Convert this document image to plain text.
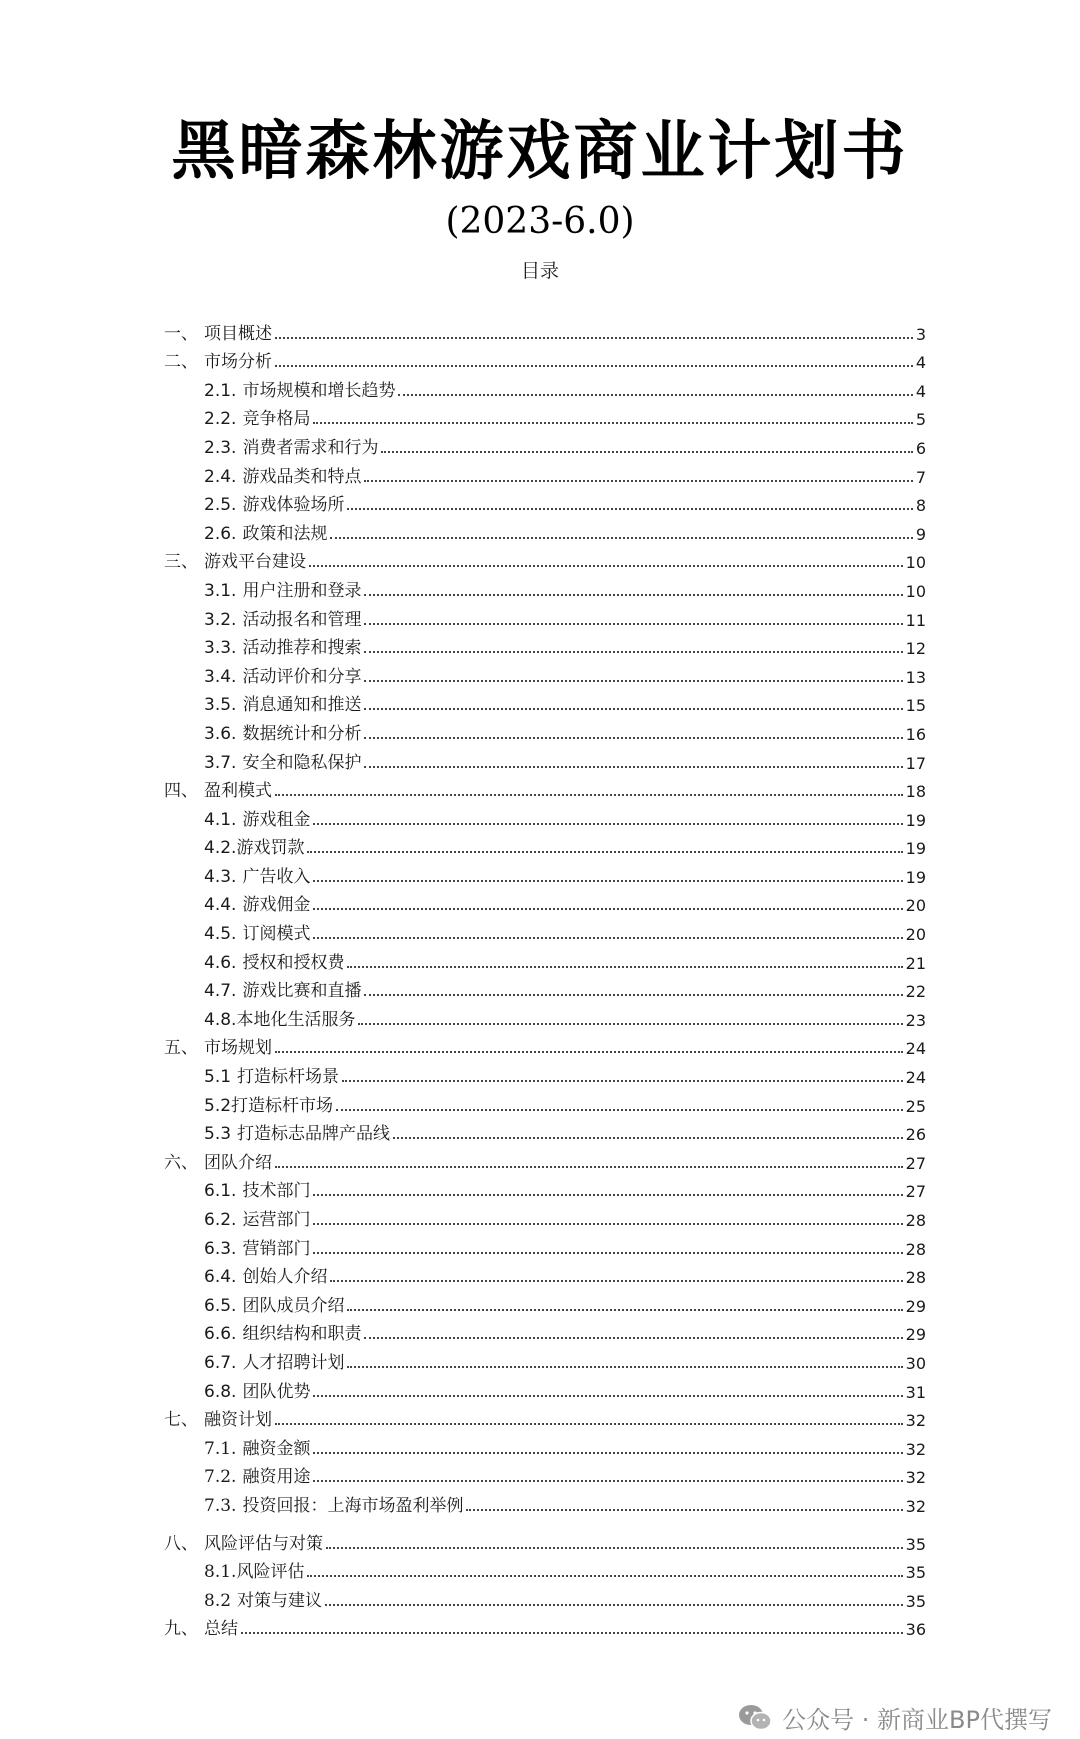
黑暗森林游戏商业计划书
(2023-6.0)
目录
一、 项目概述	3
二、 市场分析	4
2.1. 市场规模和增长趋势	4
2.2. 竞争格局	5
2.3. 消费者需求和行为	6
2.4. 游戏品类和特点	7
2.5. 游戏体验场所	8
2.6. 政策和法规	9
三、 游戏平台建设	10
3.1. 用户注册和登录	10
3.2. 活动报名和管理	11
3.3. 活动推荐和搜索	12
3.4. 活动评价和分享	13
3.5. 消息通知和推送	15
3.6. 数据统计和分析	16
3.7. 安全和隐私保护	17
四、 盈利模式	18
4.1. 游戏租金	19
4.2.游戏罚款	19
4.3. 广告收入	19
4.4. 游戏佣金	20
4.5. 订阅模式	20
4.6. 授权和授权费	21
4.7. 游戏比赛和直播	22
4.8.本地化生活服务	23
五、 市场规划	24
5.1 打造标杆场景	24
5.2打造标杆市场	25
5.3 打造标志品牌产品线	26
六、 团队介绍	27
6.1. 技术部门	27
6.2. 运营部门	28
6.3. 营销部门	28
6.4. 创始人介绍	28
6.5. 团队成员介绍	29
6.6. 组织结构和职责	29
6.7. 人才招聘计划	30
6.8. 团队优势	31
七、 融资计划	32
7.1. 融资金额	32
7.2. 融资用途	32
7.3. 投资回报：上海市场盈利举例	32
八、 风险评估与对策	35
8.1.风险评估	35
8.2 对策与建议	35
九、 总结	36
公众号 · 新商业BP代撰写
